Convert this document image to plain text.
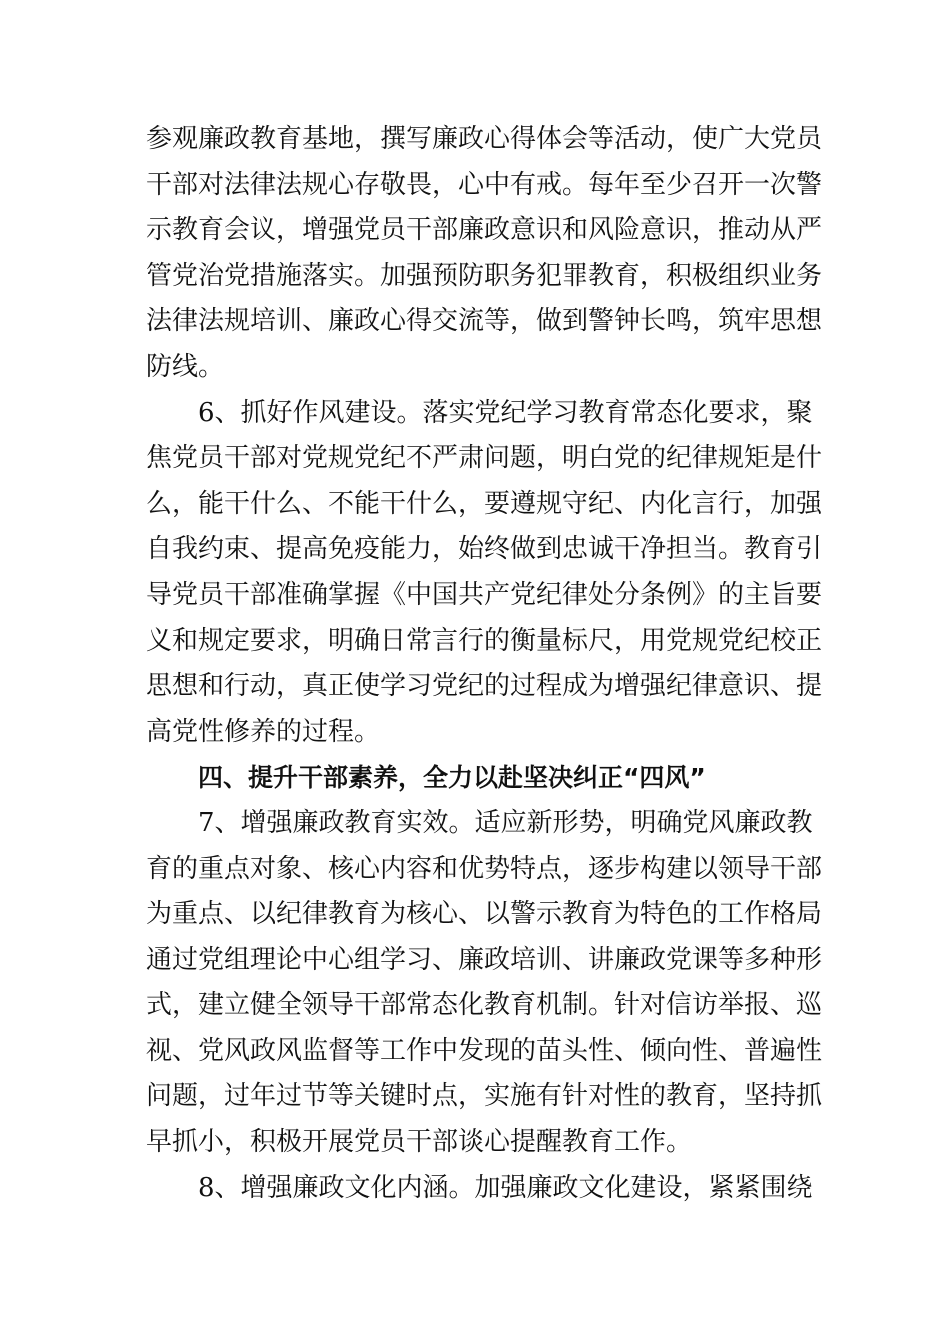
参观廉政教育基地，撰写廉政心得体会等活动，使广大党员
干部对法律法规心存敬畏，心中有戒。每年至少召开一次警
示教育会议，增强党员干部廉政意识和风险意识，推动从严
管党治党措施落实。加强预防职务犯罪教育，积极组织业务
法律法规培训、廉政心得交流等，做到警钟长鸣，筑牢思想
防线。
6、抓好作风建设。落实党纪学习教育常态化要求，聚
焦党员干部对党规党纪不严肃问题，明白党的纪律规矩是什
么，能干什么、不能干什么，要遵规守纪、内化言行，加强
自我约束、提高免疫能力，始终做到忠诚干净担当。教育引
导党员干部准确掌握《中国共产党纪律处分条例》的主旨要
义和规定要求，明确日常言行的衡量标尺，用党规党纪校正
思想和行动，真正使学习党纪的过程成为增强纪律意识、提
高党性修养的过程。
四、提升干部素养，全力以赴坚决纠正“四风”
7、增强廉政教育实效。适应新形势，明确党风廉政教
育的重点对象、核心内容和优势特点，逐步构建以领导干部
为重点、以纪律教育为核心、以警示教育为特色的工作格局
通过党组理论中心组学习、廉政培训、讲廉政党课等多种形
式，建立健全领导干部常态化教育机制。针对信访举报、巡
视、党风政风监督等工作中发现的苗头性、倾向性、普遍性
问题，过年过节等关键时点，实施有针对性的教育，坚持抓
早抓小，积极开展党员干部谈心提醒教育工作。
8、增强廉政文化内涵。加强廉政文化建设，紧紧围绕
